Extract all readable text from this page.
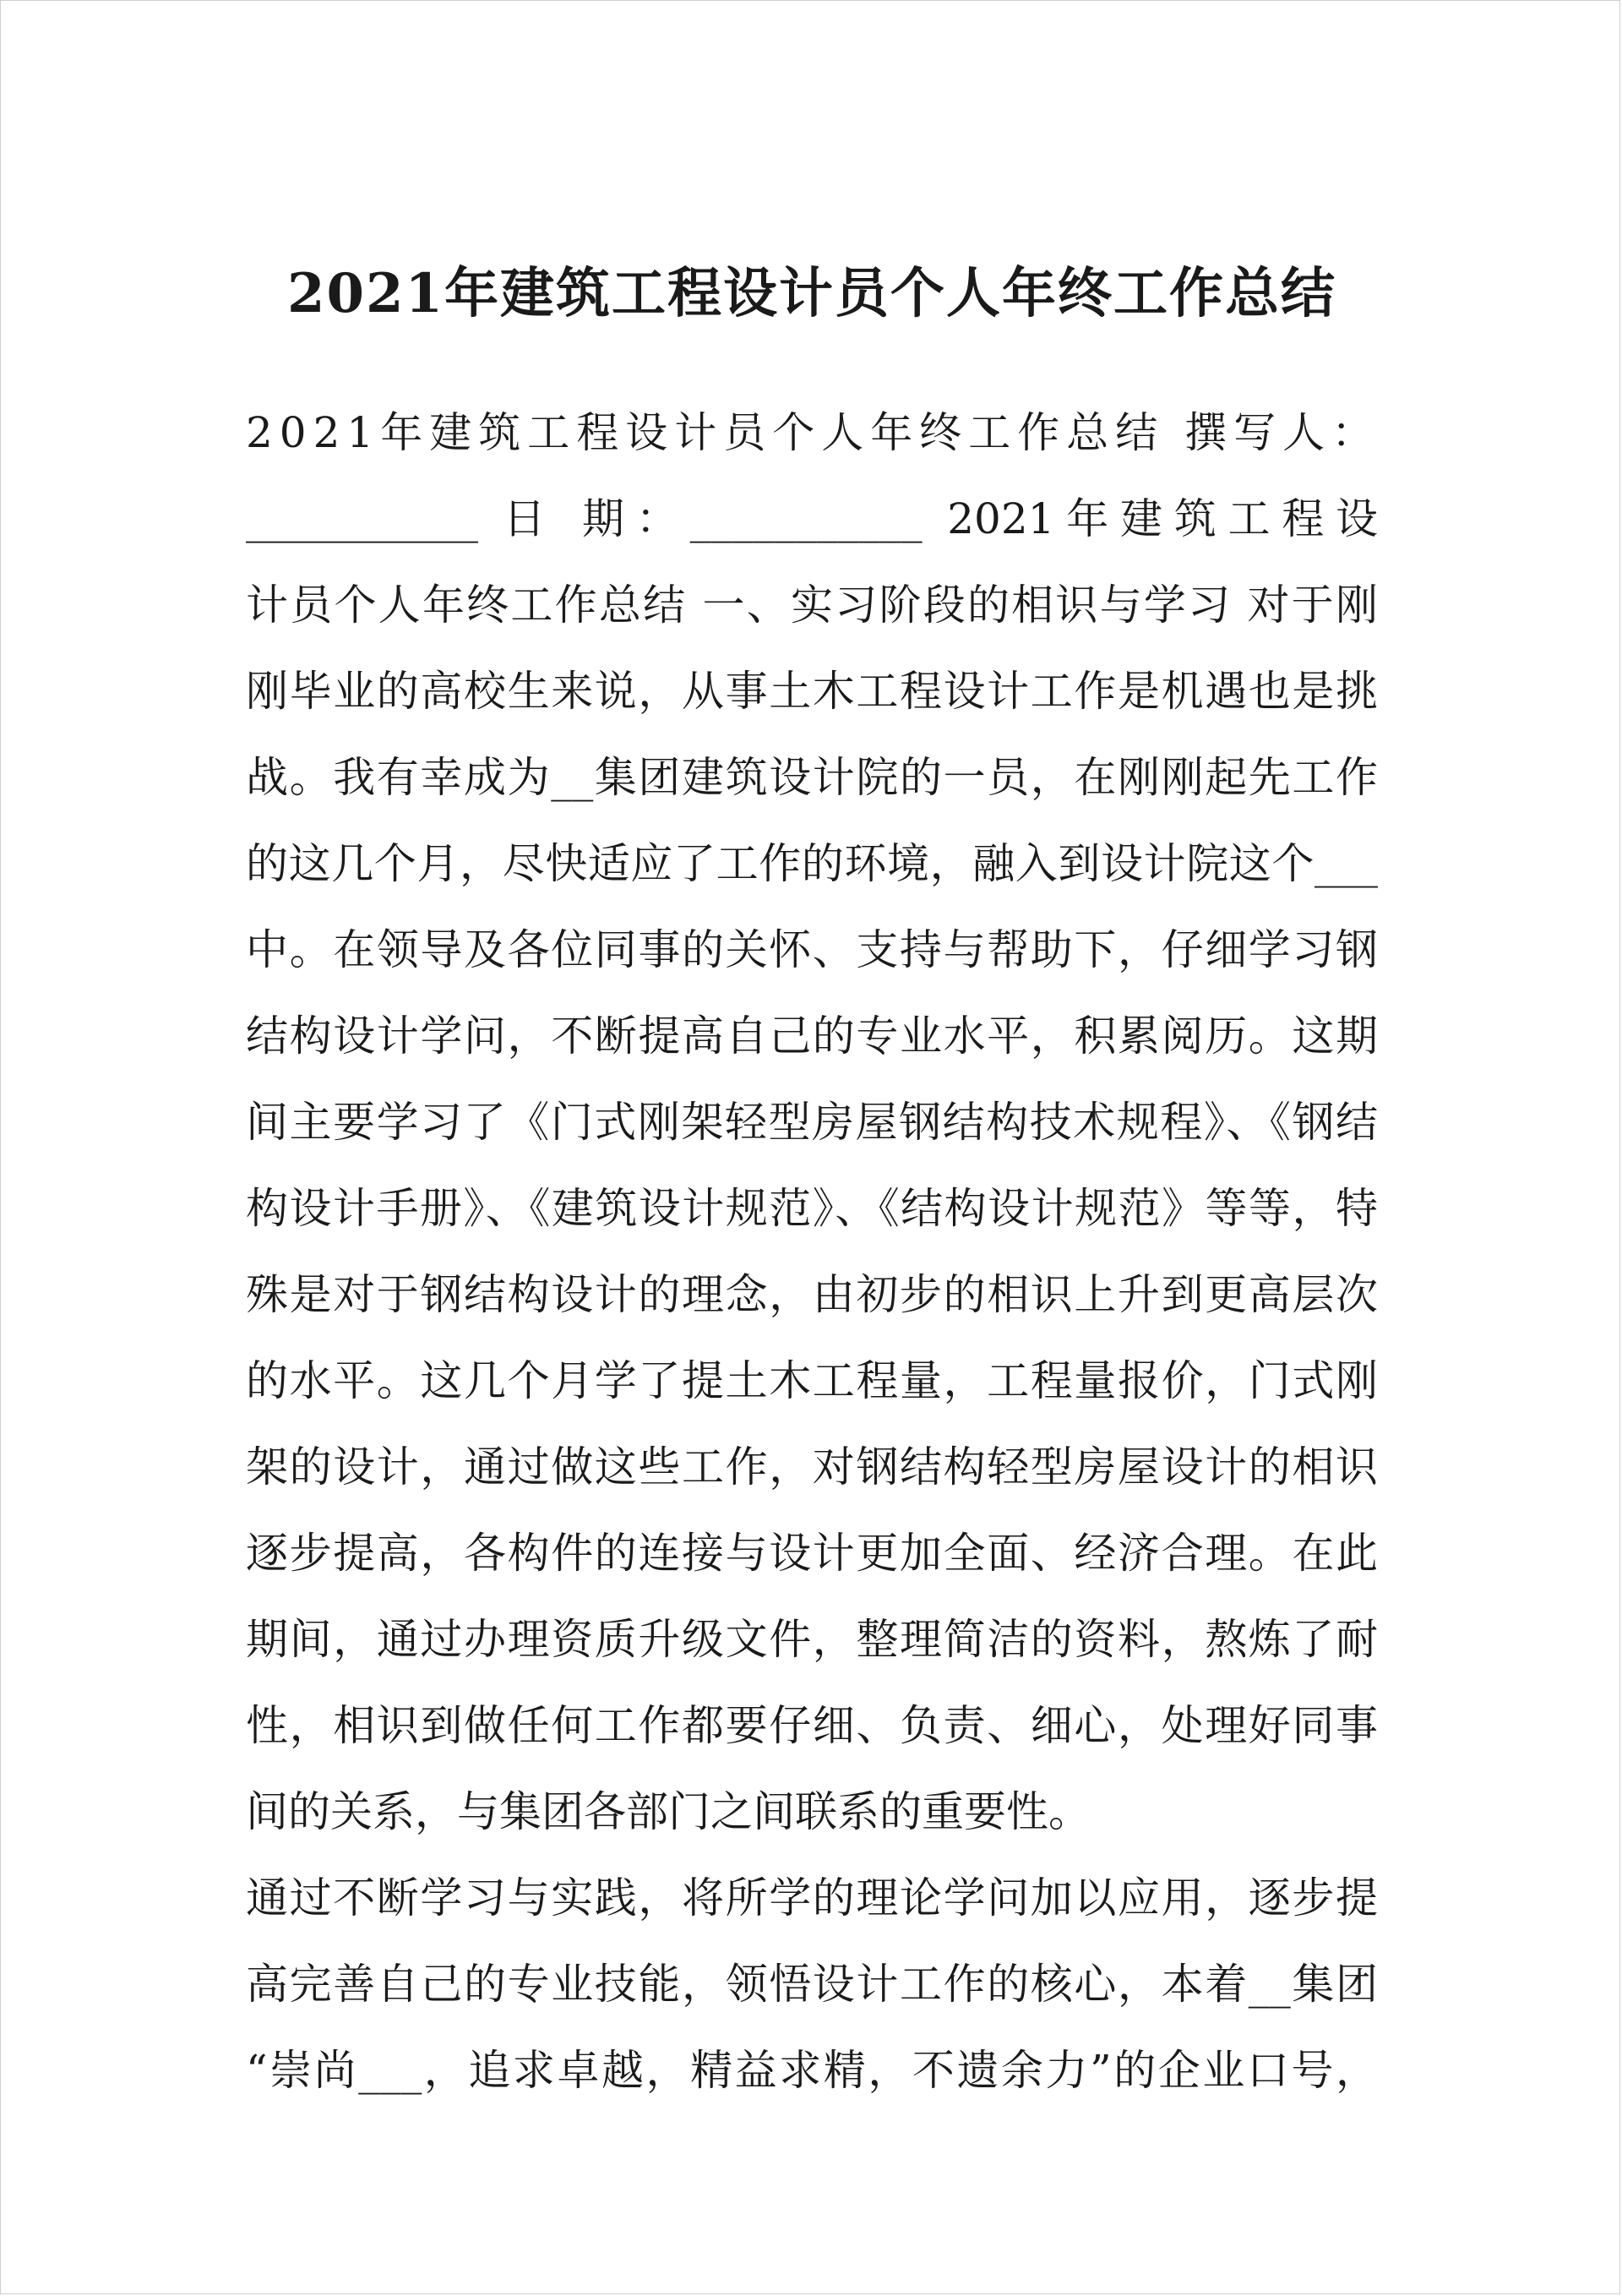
2021年建筑工程设计员个人年终工作总结
2021年建筑工程设计员个人年终工作总结 撰写人：
___________ 日 期：___________ 2021年建筑工程设
计员个人年终工作总结 一、实习阶段的相识与学习 对于刚
刚毕业的高校生来说，从事土木工程设计工作是机遇也是挑
战。我有幸成为__集团建筑设计院的一员，在刚刚起先工作
的这几个月，尽快适应了工作的环境，融入到设计院这个___
中。在领导及各位同事的关怀、支持与帮助下，仔细学习钢
结构设计学问，不断提高自己的专业水平，积累阅历。这期
间主要学习了《门式刚架轻型房屋钢结构技术规程》、《钢结
构设计手册》、《建筑设计规范》、《结构设计规范》等等，特
殊是对于钢结构设计的理念，由初步的相识上升到更高层次
的水平。这几个月学了提土木工程量，工程量报价，门式刚
架的设计，通过做这些工作，对钢结构轻型房屋设计的相识
逐步提高，各构件的连接与设计更加全面、经济合理。在此
期间，通过办理资质升级文件，整理简洁的资料，熬炼了耐
性，相识到做任何工作都要仔细、负责、细心，处理好同事
间的关系，与集团各部门之间联系的重要性。
通过不断学习与实践，将所学的理论学问加以应用，逐步提
高完善自己的专业技能，领悟设计工作的核心，本着__集团
“崇尚___，追求卓越，精益求精，不遗余力”的企业口号，
